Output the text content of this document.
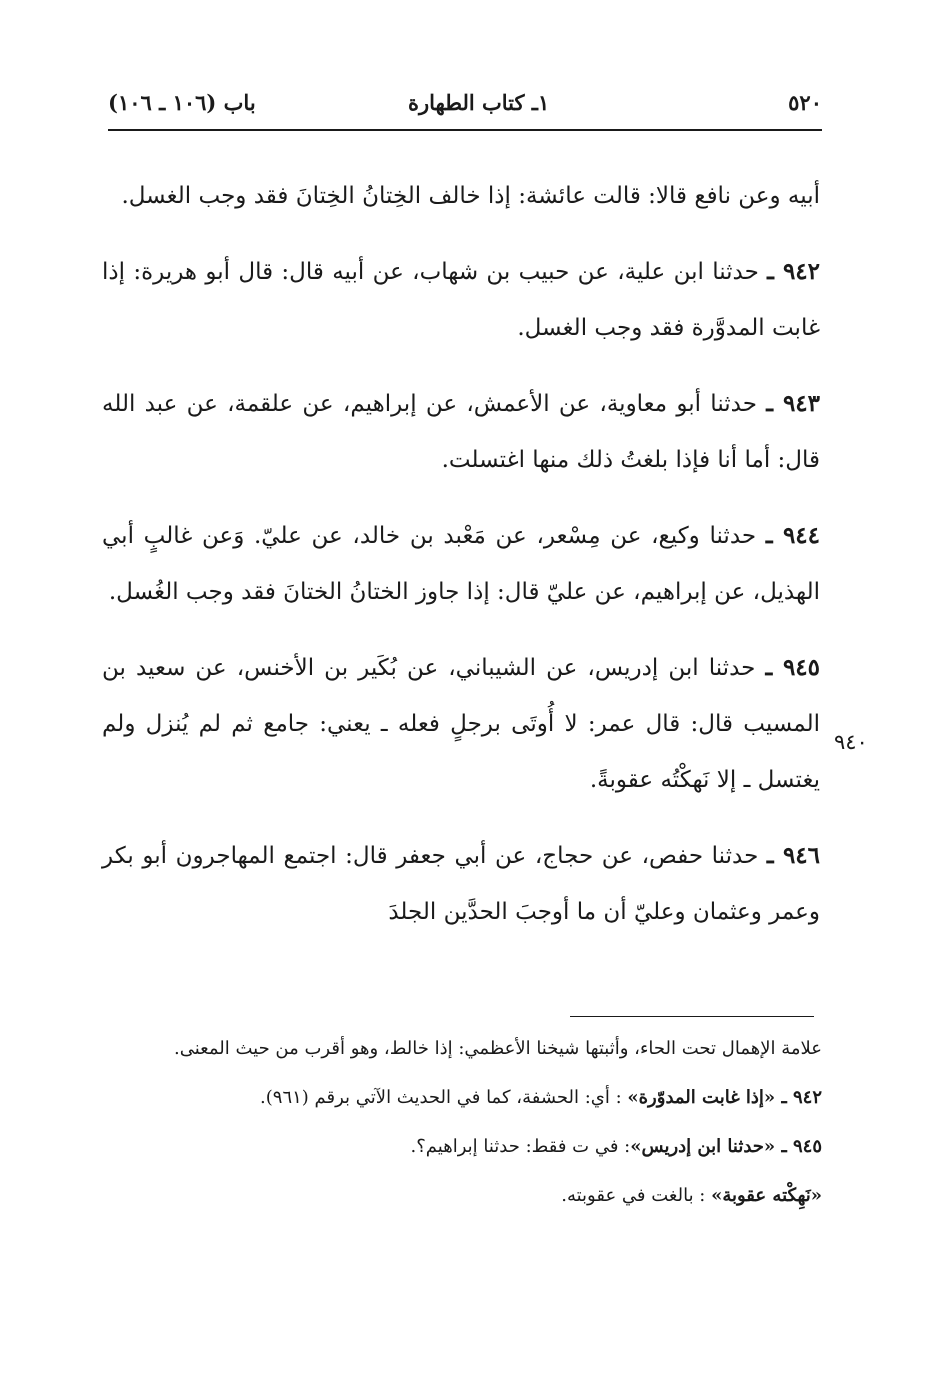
٥٢٠
١ـ كتاب الطهارة
باب (١٠٦ ـ ١٠٦)

أبيه وعن نافع قالا: قالت عائشة: إذا خالف الخِتانُ الخِتانَ فقد وجب الغسل.

٩٤٢ ـ حدثنا ابن علية، عن حبيب بن شهاب، عن أبيه قال: قال أبو هريرة: إذا غابت المدوَّرة فقد وجب الغسل.

٩٤٣ ـ حدثنا أبو معاوية، عن الأعمش، عن إبراهيم، عن علقمة، عن عبد الله قال: أما أنا فإذا بلغتُ ذلك منها اغتسلت.

٩٤٤ ـ حدثنا وكيع، عن مِسْعر، عن مَعْبد بن خالد، عن عليّ. وَعن غالبٍ أبي الهذيل، عن إبراهيم، عن عليّ قال: إذا جاوز الختانُ الختانَ فقد وجب الغُسل.

٩٤٥ ـ حدثنا ابن إدريس، عن الشيباني، عن بُكَير بن الأخنس، عن سعيد بن المسيب قال: قال عمر: لا أُوتَى برجلٍ فعله ـ يعني: جامع ثم لم يُنزل ولم يغتسل ـ إلا نَهكْتُه عقوبةً.

٩٤٦ ـ حدثنا حفص، عن حجاج، عن أبي جعفر قال: اجتمع المهاجرون أبو بكر وعمر وعثمان وعليّ أن ما أوجبَ الحدَّين الجلدَ

٩٤٠

علامة الإهمال تحت الحاء، وأثبتها شيخنا الأعظمي: إذا خالط، وهو أقرب من حيث المعنى.

٩٤٢ ـ «إذا غابت المدوّرة» : أي: الحشفة، كما في الحديث الآتي برقم (٩٦١).

٩٤٥ ـ «حدثنا ابن إدريس»: في ت فقط: حدثنا إبراهيم؟.

«نَهِكْته عقوبة» : بالغت في عقوبته.
